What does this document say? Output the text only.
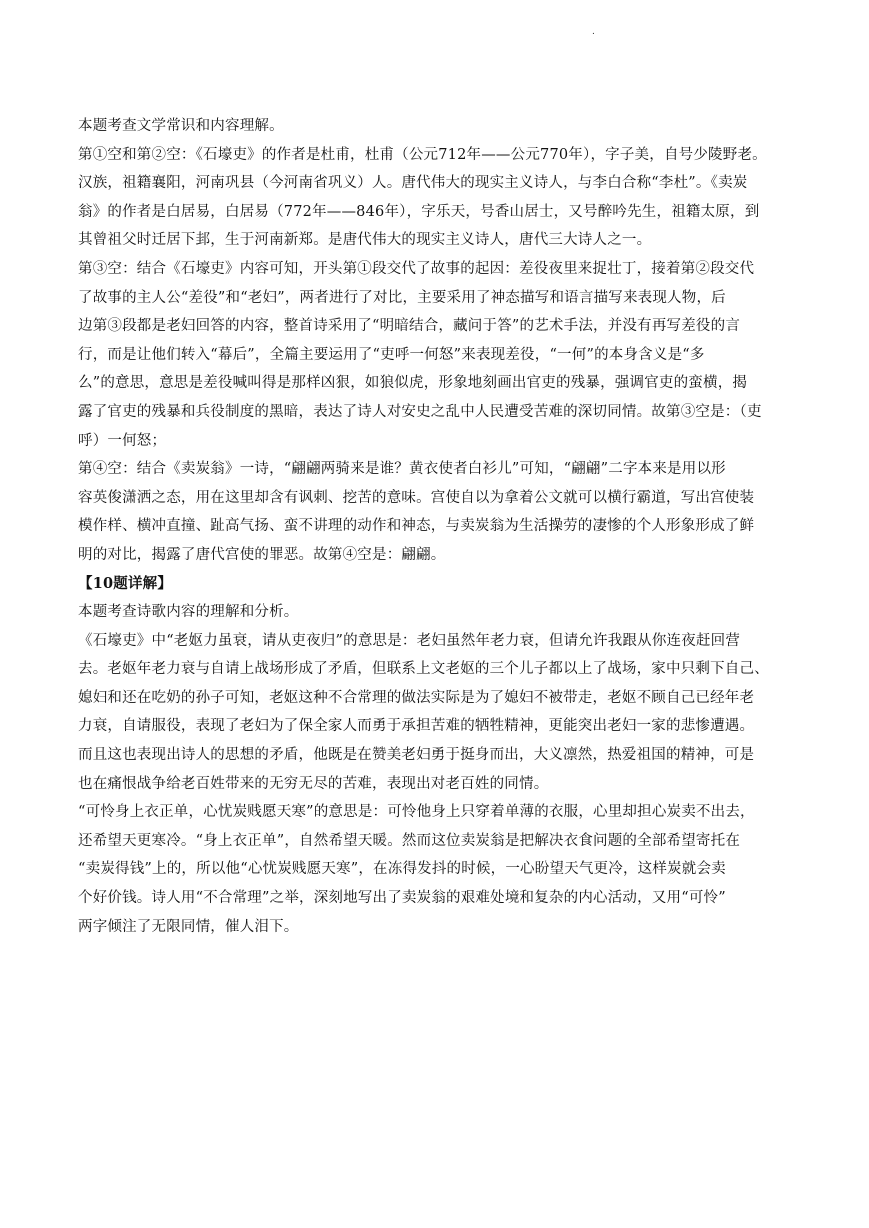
.
本题考查文学常识和内容理解。
第①空和第②空：《石壕吏》的作者是杜甫，杜甫（公元712年——公元770年），字子美，自号少陵野老。
汉族，祖籍襄阳，河南巩县（今河南省巩义）人。唐代伟大的现实主义诗人，与李白合称“李杜”。《卖炭
翁》的作者是白居易，白居易（772年——846年），字乐天，号香山居士，又号醉吟先生，祖籍太原，到
其曾祖父时迁居下邽，生于河南新郑。是唐代伟大的现实主义诗人，唐代三大诗人之一。
第③空：结合《石壕吏》内容可知，开头第①段交代了故事的起因：差役夜里来捉壮丁，接着第②段交代
了故事的主人公“差役”和“老妇”，两者进行了对比，主要采用了神态描写和语言描写来表现人物，后
边第③段都是老妇回答的内容，整首诗采用了“明暗结合，藏问于答”的艺术手法，并没有再写差役的言
行，而是让他们转入“幕后”，全篇主要运用了“吏呼一何怒”来表现差役，“一何”的本身含义是“多
么”的意思，意思是差役喊叫得是那样凶狠，如狼似虎，形象地刻画出官吏的残暴，强调官吏的蛮横，揭
露了官吏的残暴和兵役制度的黑暗，表达了诗人对安史之乱中人民遭受苦难的深切同情。故第③空是：（吏
呼）一何怒；
第④空：结合《卖炭翁》一诗，“翩翩两骑来是谁？黄衣使者白衫儿”可知，“翩翩”二字本来是用以形
容英俊潇洒之态，用在这里却含有讽刺、挖苦的意味。宫使自以为拿着公文就可以横行霸道，写出宫使装
模作样、横冲直撞、趾高气扬、蛮不讲理的动作和神态，与卖炭翁为生活操劳的凄惨的个人形象形成了鲜
明的对比，揭露了唐代宫使的罪恶。故第④空是：翩翩。
【10题详解】
本题考查诗歌内容的理解和分析。
《石壕吏》中“老妪力虽衰，请从吏夜归”的意思是：老妇虽然年老力衰，但请允许我跟从你连夜赶回营
去。老妪年老力衰与自请上战场形成了矛盾，但联系上文老妪的三个儿子都以上了战场，家中只剩下自己、
媳妇和还在吃奶的孙子可知，老妪这种不合常理的做法实际是为了媳妇不被带走，老妪不顾自己已经年老
力衰，自请服役，表现了老妇为了保全家人而勇于承担苦难的牺牲精神，更能突出老妇一家的悲惨遭遇。
而且这也表现出诗人的思想的矛盾，他既是在赞美老妇勇于挺身而出，大义凛然，热爱祖国的精神，可是
也在痛恨战争给老百姓带来的无穷无尽的苦难，表现出对老百姓的同情。
“可怜身上衣正单，心忧炭贱愿天寒”的意思是：可怜他身上只穿着单薄的衣服，心里却担心炭卖不出去，
还希望天更寒冷。“身上衣正单”，自然希望天暖。然而这位卖炭翁是把解决衣食问题的全部希望寄托在
“卖炭得钱”上的，所以他“心忧炭贱愿天寒”，在冻得发抖的时候，一心盼望天气更冷，这样炭就会卖
个好价钱。诗人用“不合常理”之举，深刻地写出了卖炭翁的艰难处境和复杂的内心活动，又用“可怜”
两字倾注了无限同情，催人泪下。
